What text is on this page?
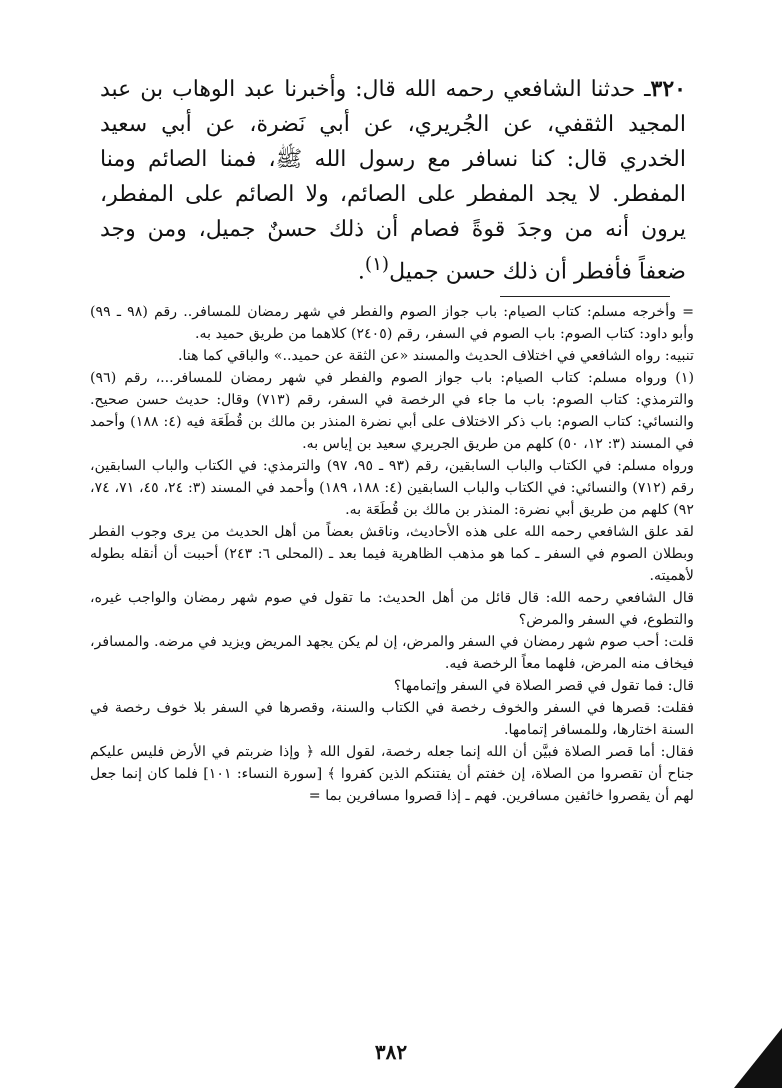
٣٢٠ـ حدثنا الشافعي رحمه الله قال: وأخبرنا عبد الوهاب بن عبد المجيد الثقفي، عن الجُريري، عن أبي نَضرة، عن أبي سعيد الخدري قال: كنا نسافر مع رسول الله ﷺ، فمنا الصائم ومنا المفطر. لا يجد المفطر على الصائم، ولا الصائم على المفطر، يرون أنه من وجدَ قوةً فصام أن ذلك حسنٌ جميل، ومن وجد ضعفاً فأفطر أن ذلك حسن جميل$^{(١)}$.

= وأخرجه مسلم: كتاب الصيام: باب جواز الصوم والفطر في شهر رمضان للمسافر.. رقم (٩٨ ـ ٩٩) وأبو داود: كتاب الصوم: باب الصوم في السفر، رقم (٢٤٠٥) كلاهما من طريق حميد به.

تنبيه: رواه الشافعي في اختلاف الحديث والمسند «عن الثقة عن حميد..» والباقي كما هنا.

(١) ورواه مسلم: كتاب الصيام: باب جواز الصوم والفطر في شهر رمضان للمسافر...، رقم (٩٦) والترمذي: كتاب الصوم: باب ما جاء في الرخصة في السفر، رقم (٧١٣) وقال: حديث حسن صحيح. والنسائي: كتاب الصوم: باب ذكر الاختلاف على أبي نضرة المنذر بن مالك بن قُطَعَة فيه (٤: ١٨٨) وأحمد في المسند (٣: ١٢، ٥٠) كلهم من طريق الجريري سعيد بن إياس به.

ورواه مسلم: في الكتاب والباب السابقين، رقم (٩٣ ـ ٩٥، ٩٧) والترمذي: في الكتاب والباب السابقين، رقم (٧١٢) والنسائي: في الكتاب والباب السابقين (٤: ١٨٨، ١٨٩) وأحمد في المسند (٣: ٢٤، ٤٥، ٧١، ٧٤، ٩٢) كلهم من طريق أبي نضرة: المنذر بن مالك بن قُطَعَة به.

لقد علق الشافعي رحمه الله على هذه الأحاديث، وناقش بعضاً من أهل الحديث من يرى وجوب الفطر وبطلان الصوم في السفر ـ كما هو مذهب الظاهرية فيما بعد ـ (المحلى ٦: ٢٤٣) أحببت أن أنقله بطوله لأهميته.

قال الشافعي رحمه الله: قال قائل من أهل الحديث: ما تقول في صوم شهر رمضان والواجب غيره، والتطوع، في السفر والمرض؟

قلت: أحب صوم شهر رمضان في السفر والمرض، إن لم يكن يجهد المريض ويزيد في مرضه. والمسافر، فيخاف منه المرض، فلهما معاً الرخصة فيه.

قال: فما تقول في قصر الصلاة في السفر وإتمامها؟

فقلت: قصرها في السفر والخوف رخصة في الكتاب والسنة، وقصرها في السفر بلا خوف رخصة في السنة اختارها، وللمسافر إتمامها.

فقال: أما قصر الصلاة فبيَّن أن الله إنما جعله رخصة، لقول الله ﴿ وإذا ضربتم في الأرض فليس عليكم جناح أن تقصروا من الصلاة، إن خفتم أن يفتنكم الذين كفروا ﴾ [سورة النساء: ١٠١] فلما كان إنما جعل لهم أن يقصروا خائفين مسافرين. فهم ـ إذا قصروا مسافرين بما =

٣٨٢
